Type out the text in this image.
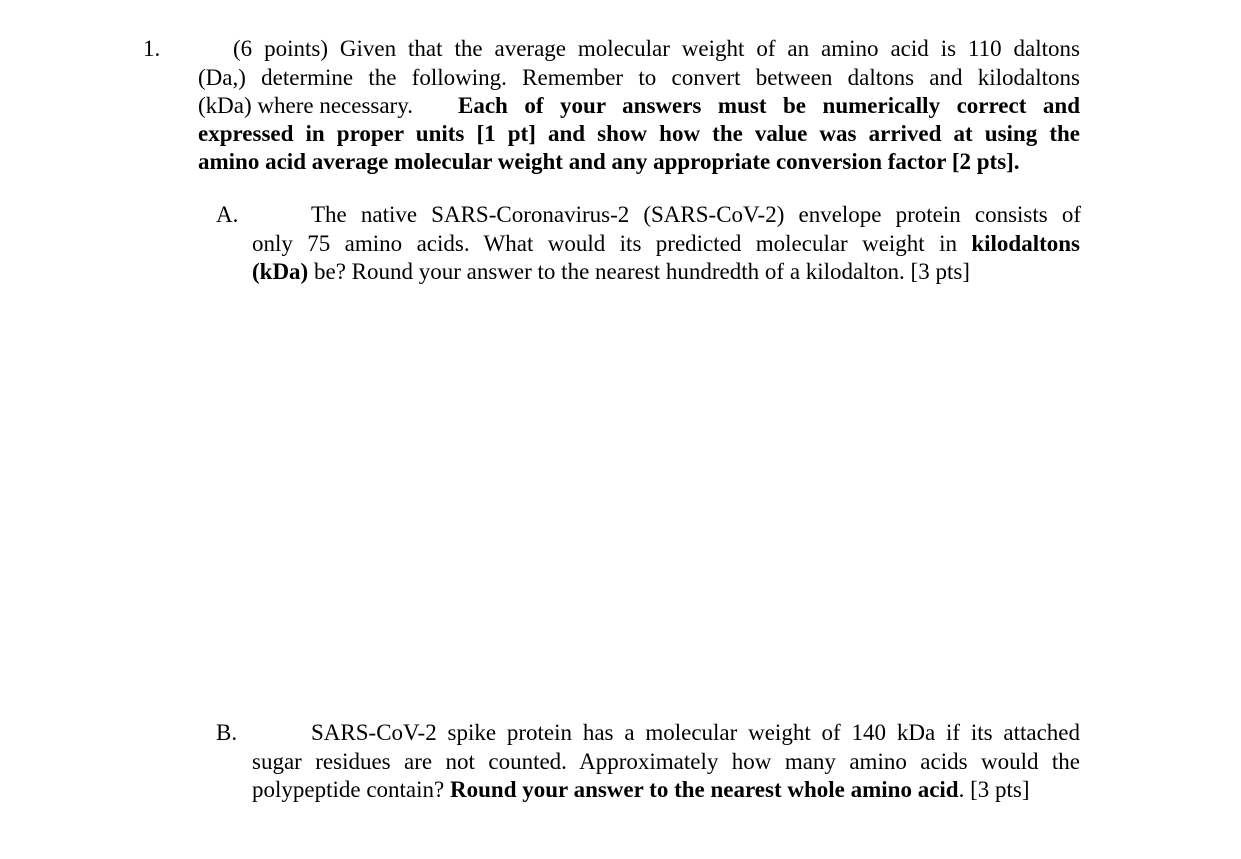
1.	(6 points) Given that the average molecular weight of an amino acid is 110 daltons
(Da,) determine the following. Remember to convert between daltons and kilodaltons
(kDa) where necessary. Each of your answers must be numerically correct and
expressed in proper units [1 pt] and show how the value was arrived at using the
amino acid average molecular weight and any appropriate conversion factor [2 pts].
A.	The native SARS-Coronavirus-2 (SARS-CoV-2) envelope protein consists of
only 75 amino acids. What would its predicted molecular weight in kilodaltons
(kDa) be? Round your answer to the nearest hundredth of a kilodalton. [3 pts]
B.	SARS-CoV-2 spike protein has a molecular weight of 140 kDa if its attached
sugar residues are not counted. Approximately how many amino acids would the
polypeptide contain? Round your answer to the nearest whole amino acid. [3 pts]
